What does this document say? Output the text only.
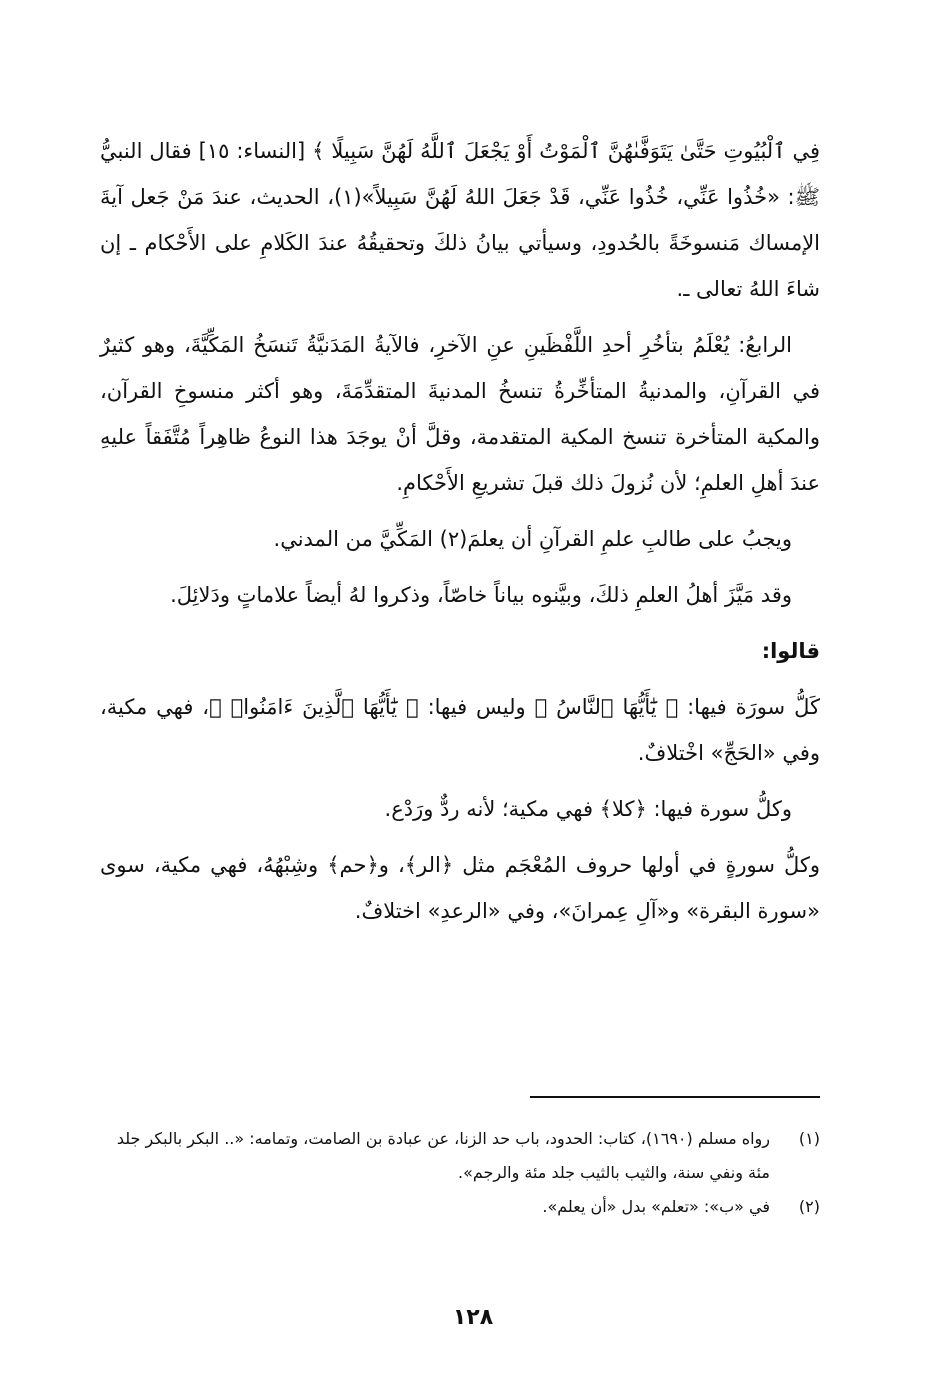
فِي ٱلْبُيُوتِ حَتَّىٰ يَتَوَفَّىٰهُنَّ ٱلْمَوْتُ أَوْ يَجْعَلَ ٱللَّهُ لَهُنَّ سَبِيلًا ﴾ [النساء: ١٥] فقال النبيُّ ﷺ: «خُذُوا عَنِّي، خُذُوا عَنِّي، قَدْ جَعَلَ اللهُ لَهُنَّ سَبِيلاً»(١)، الحديث، عندَ مَنْ جَعل آيةَ الإمساك مَنسوخَةً بالحُدودِ، وسيأتي بيانُ ذلكَ وتحقيقُهُ عندَ الكَلامِ على الأَحْكام ـ إن شاءَ اللهُ تعالى ـ.

الرابعُ: يُعْلَمُ بتأخُرِ أحدِ اللَّفْظَينِ عنِ الآخرِ، فالآيةُ المَدَنيَّةُ تَنسَخُ المَكِّيَّةَ، وهو كثيرٌ في القرآنِ، والمدنيةُ المتأخِّرةُ تنسخُ المدنيةَ المتقدِّمَةَ، وهو أكثر منسوخِ القرآن، والمكية المتأخرة تنسخ المكية المتقدمة، وقلَّ أنْ يوجَدَ هذا النوعُ ظاهِراً مُتَّفَقاً عليهِ عندَ أهلِ العلمِ؛ لأن نُزولَ ذلك قبلَ تشريعِ الأَحْكامِ.

ويجبُ على طالبِ علمِ القرآنِ أن يعلمَ(٢) المَكِّيَّ من المدني.

وقد مَيَّزَ أهلُ العلمِ ذلكَ، وبيَّنوه بياناً خاصّاً، وذكروا لهُ أيضاً علاماتٍ ودَلائِلَ.

قالوا:

كَلُّ سورَة فيها: ﴿ يَٰٓأَيُّهَا ٱلنَّاسُ ﴾ وليس فيها: ﴿ يَٰٓأَيُّهَا ٱلَّذِينَ ءَامَنُوا۟ ﴾، فهي مكية، وفي «الحَجِّ» اخْتلافٌ.

وكلُّ سورة فيها: ﴿كلا﴾ فهي مكية؛ لأنه ردٌّ ورَدْع.

وكلُّ سورةٍ في أولها حروف المُعْجَم مثل ﴿الر﴾، و﴿حم﴾ وشِبْهُهُ، فهي مكية، سوى «سورة البقرة» و«آلِ عِمرانَ»، وفي «الرعدِ» اختلافٌ.

(١)
رواه مسلم (١٦٩٠)، كتاب: الحدود، باب حد الزنا، عن عبادة بن الصامت، وتمامه: «.. البكر بالبكر جلد مئة ونفي سنة، والثيب بالثيب جلد مئة والرجم».
(٢)
في «ب»: «تعلم» بدل «أن يعلم».
١٢٨
